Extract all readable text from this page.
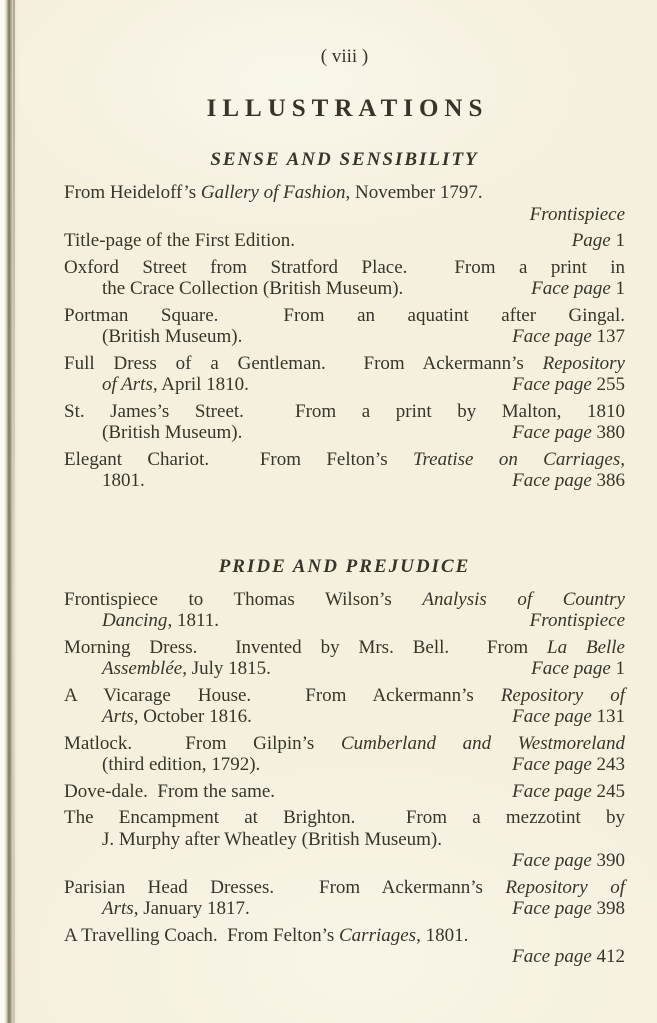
( viii )
ILLUSTRATIONS
SENSE AND SENSIBILITY
From Heideloff’s Gallery of Fashion, November 1797.
Frontispiece
Title-page of the First Edition.	Page 1
Oxford Street from Stratford Place.  From a print in
the Crace Collection (British Museum).	Face page 1
Portman Square.  From an aquatint after Gingal.
(British Museum).	Face page 137
Full Dress of a Gentleman.  From Ackermann’s Repository
of Arts, April 1810.	Face page 255
St. James’s Street.  From a print by Malton, 1810
(British Museum).	Face page 380
Elegant Chariot.  From Felton’s Treatise on Carriages,
1801.	Face page 386
PRIDE AND PREJUDICE
Frontispiece to Thomas Wilson’s Analysis of Country
Dancing, 1811.	Frontispiece
Morning Dress.  Invented by Mrs. Bell.  From La Belle
Assemblée, July 1815.	Face page 1
A Vicarage House.  From Ackermann’s Repository of
Arts, October 1816.	Face page 131
Matlock.  From Gilpin’s Cumberland and Westmoreland
(third edition, 1792).	Face page 243
Dove-dale.  From the same.	Face page 245
The Encampment at Brighton.  From a mezzotint by
J. Murphy after Wheatley (British Museum).
Face page 390
Parisian Head Dresses.  From Ackermann’s Repository of
Arts, January 1817.	Face page 398
A Travelling Coach.  From Felton’s Carriages, 1801.
Face page 412
